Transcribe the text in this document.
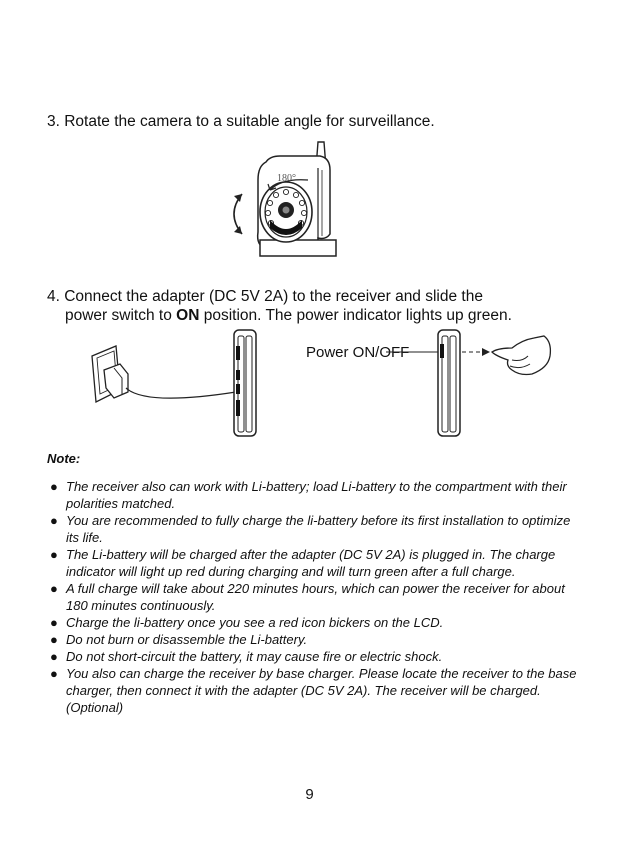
3. Rotate the camera to a suitable angle for surveillance.
180°
4. Connect the adapter (DC 5V 2A) to the receiver and slide the
power switch to ON position. The power indicator lights up green.
Power ON/OFF
Note:
● The receiver also can work with Li-battery; load Li-battery to the compartment with their polarities matched.
● You are recommended to fully charge the li-battery before its first installation to optimize its life.
● The Li-battery will be charged after the adapter (DC 5V 2A) is plugged in. The charge indicator will light up red during charging and will turn green after a full charge.
● A full charge will take about 220 minutes hours, which can power the receiver for about 180 minutes continuously.
● Charge the li-battery once you see a red icon bickers on the LCD.
● Do not burn or disassemble the Li-battery.
● Do not short-circuit the battery, it may cause fire or electric shock.
● You also can charge the receiver by base charger. Please locate the receiver to the base charger, then connect it with the adapter (DC 5V 2A). The receiver will be charged. (Optional)
9
